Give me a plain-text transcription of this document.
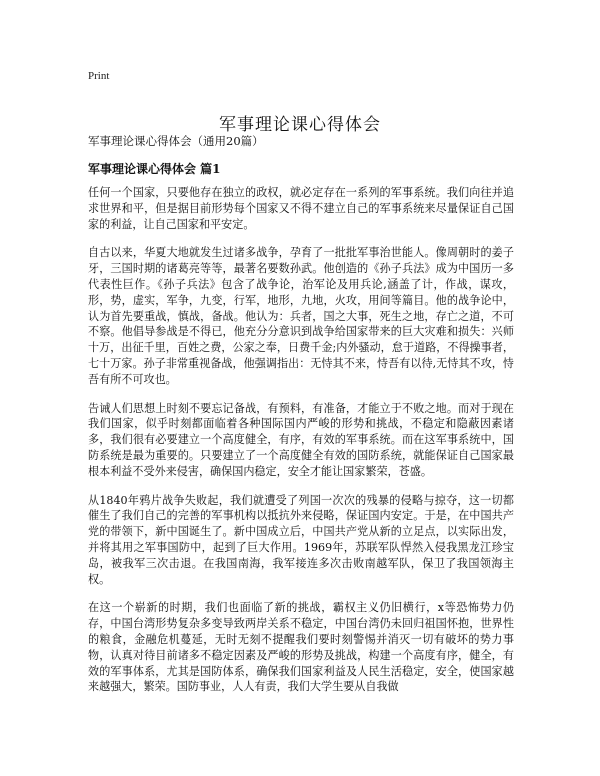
Print
军事理论课心得体会
军事理论课心得体会（通用20篇）
军事理论课心得体会 篇1

任何一个国家，只要他存在独立的政权，就必定存在一系列的军事系统。我们向往并追求世界和平，但是据目前形势每个国家又不得不建立自己的军事系统来尽量保证自己国家的利益，让自己国家和平安定。

自古以来，华夏大地就发生过诸多战争，孕育了一批批军事治世能人。像周朝时的姜子牙，三国时期的诸葛亮等等，最著名要数孙武。他创造的《孙子兵法》成为中国历一多代表性巨作。《孙子兵法》包含了战争论，治军论及用兵论,涵盖了计，作战，谋攻，形，势，虚实，军争，九变，行军，地形，九地，火攻，用间等篇目。他的战争论中，认为首先要重战，慎战，备战。他认为：兵者，国之大事，死生之地，存亡之道，不可不察。他倡导参战是不得已，他充分分意识到战争给国家带来的巨大灾难和损失：兴师十万，出征千里，百姓之费，公家之奉，日费千金;内外骚动，怠于道路，不得操事者，七十万家。孙子非常重视备战，他强调指出：无恃其不来，恃吾有以待,无恃其不攻，恃吾有所不可攻也。

告诫人们思想上时刻不要忘记备战，有预料，有准备，才能立于不败之地。而对于现在我们国家，似乎时刻都面临着各种国际国内严峻的形势和挑战，不稳定和隐蔽因素诸多，我们很有必要建立一个高度健全，有序，有效的军事系统。而在这军事系统中，国防系统是最为重要的。只要建立了一个高度健全有效的国防系统，就能保证自己国家最根本利益不受外来侵害，确保国内稳定，安全才能让国家繁荣，苍盛。

从1840年鸦片战争失败起，我们就遭受了列国一次次的残暴的侵略与掠夺，这一切都催生了我们自己的完善的军事机构以抵抗外来侵略，保证国内安定。于是，在中国共产党的带领下，新中国诞生了。新中国成立后，中国共产党从新的立足点，以实际出发，并将其用之军事国防中，起到了巨大作用。1969年，苏联军队悍然入侵我黑龙江珍宝岛，被我军三次击退。在我国南海，我军接连多次击败南越军队，保卫了我国领海主权。

在这一个崭新的时期，我们也面临了新的挑战，霸权主义仍旧横行，x等恐怖势力仍存，中国台湾形势复杂多变导致两岸关系不稳定，中国台湾仍未回归祖国怀抱，世界性的粮食，金融危机蔓延，无时无刻不提醒我们要时刻警惕并消灭一切有破坏的势力事物，认真对待目前诸多不稳定因素及严峻的形势及挑战，构建一个高度有序，健全，有效的军事体系，尤其是国防体系，确保我们国家利益及人民生活稳定，安全，使国家越来越强大，繁荣。国防事业，人人有责，我们大学生要从自我做
